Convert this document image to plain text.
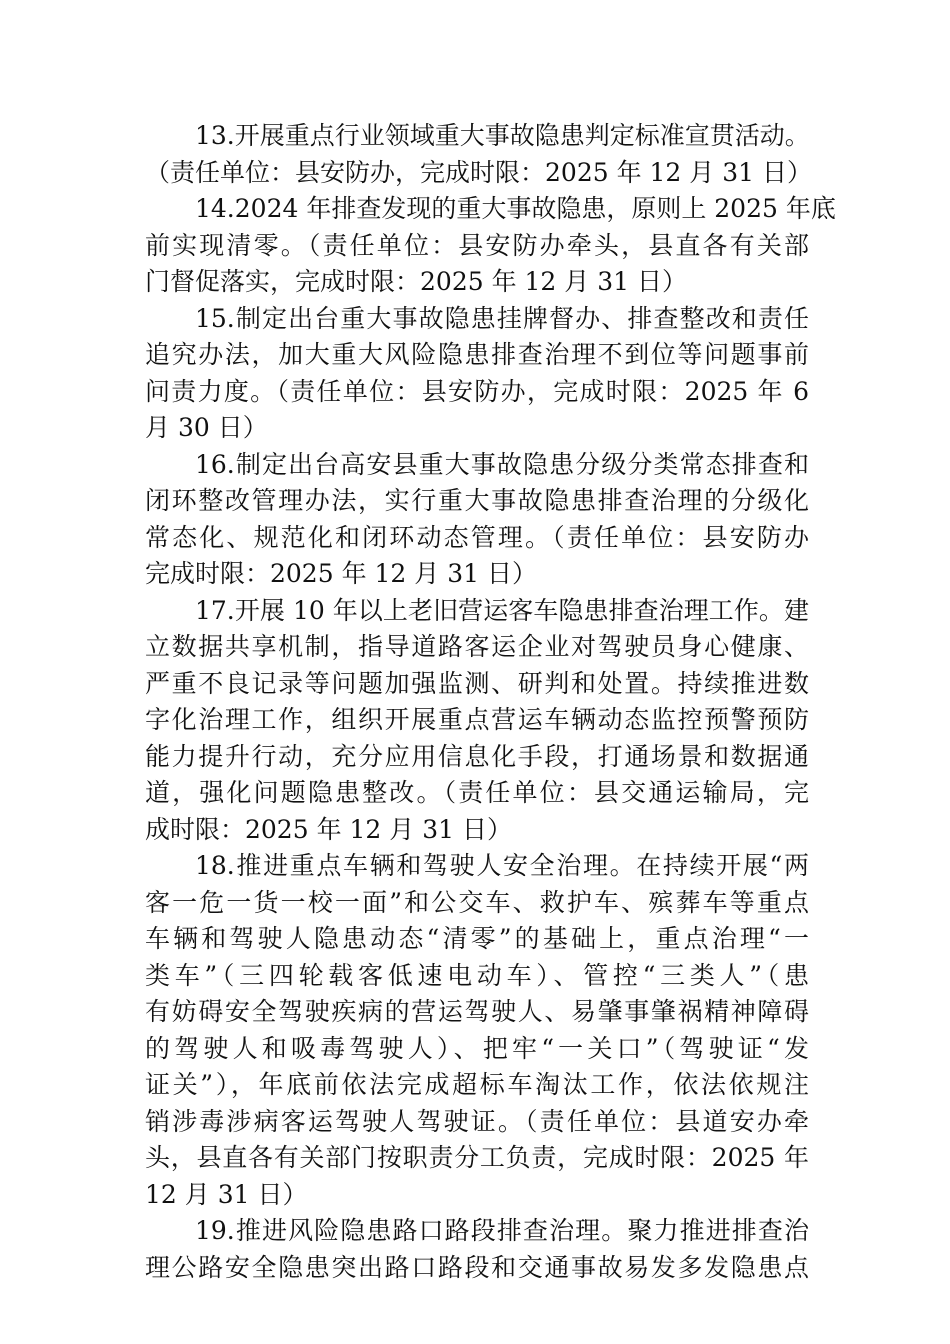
13.开展重点行业领域重大事故隐患判定标准宣贯活动。
（责任单位：县安防办，完成时限：2025 年 12 月 31 日）
14.2024 年排查发现的重大事故隐患，原则上 2025 年底
前实现清零。（责任单位：县安防办牵头，县直各有关部
门督促落实，完成时限：2025 年 12 月 31 日）
15.制定出台重大事故隐患挂牌督办、排查整改和责任
追究办法，加大重大风险隐患排查治理不到位等问题事前
问责力度。（责任单位：县安防办，完成时限：2025 年 6
月 30 日）
16.制定出台高安县重大事故隐患分级分类常态排查和
闭环整改管理办法，实行重大事故隐患排查治理的分级化
常态化、规范化和闭环动态管理。（责任单位：县安防办
完成时限：2025 年 12 月 31 日）
17.开展 10 年以上老旧营运客车隐患排查治理工作。建
立数据共享机制，指导道路客运企业对驾驶员身心健康、
严重不良记录等问题加强监测、研判和处置。持续推进数
字化治理工作，组织开展重点营运车辆动态监控预警预防
能力提升行动，充分应用信息化手段，打通场景和数据通
道，强化问题隐患整改。（责任单位：县交通运输局，完
成时限：2025 年 12 月 31 日）
18.推进重点车辆和驾驶人安全治理。在持续开展“两
客一危一货一校一面”和公交车、救护车、殡葬车等重点
车辆和驾驶人隐患动态“清零”的基础上，重点治理“一
类车”（三四轮载客低速电动车）、管控“三类人”（患
有妨碍安全驾驶疾病的营运驾驶人、易肇事肇祸精神障碍
的驾驶人和吸毒驾驶人）、把牢“一关口”（驾驶证“发
证关”），年底前依法完成超标车淘汰工作，依法依规注
销涉毒涉病客运驾驶人驾驶证。（责任单位：县道安办牵
头，县直各有关部门按职责分工负责，完成时限：2025 年
12 月 31 日）
19.推进风险隐患路口路段排查治理。聚力推进排查治
理公路安全隐患突出路口路段和交通事故易发多发隐患点
